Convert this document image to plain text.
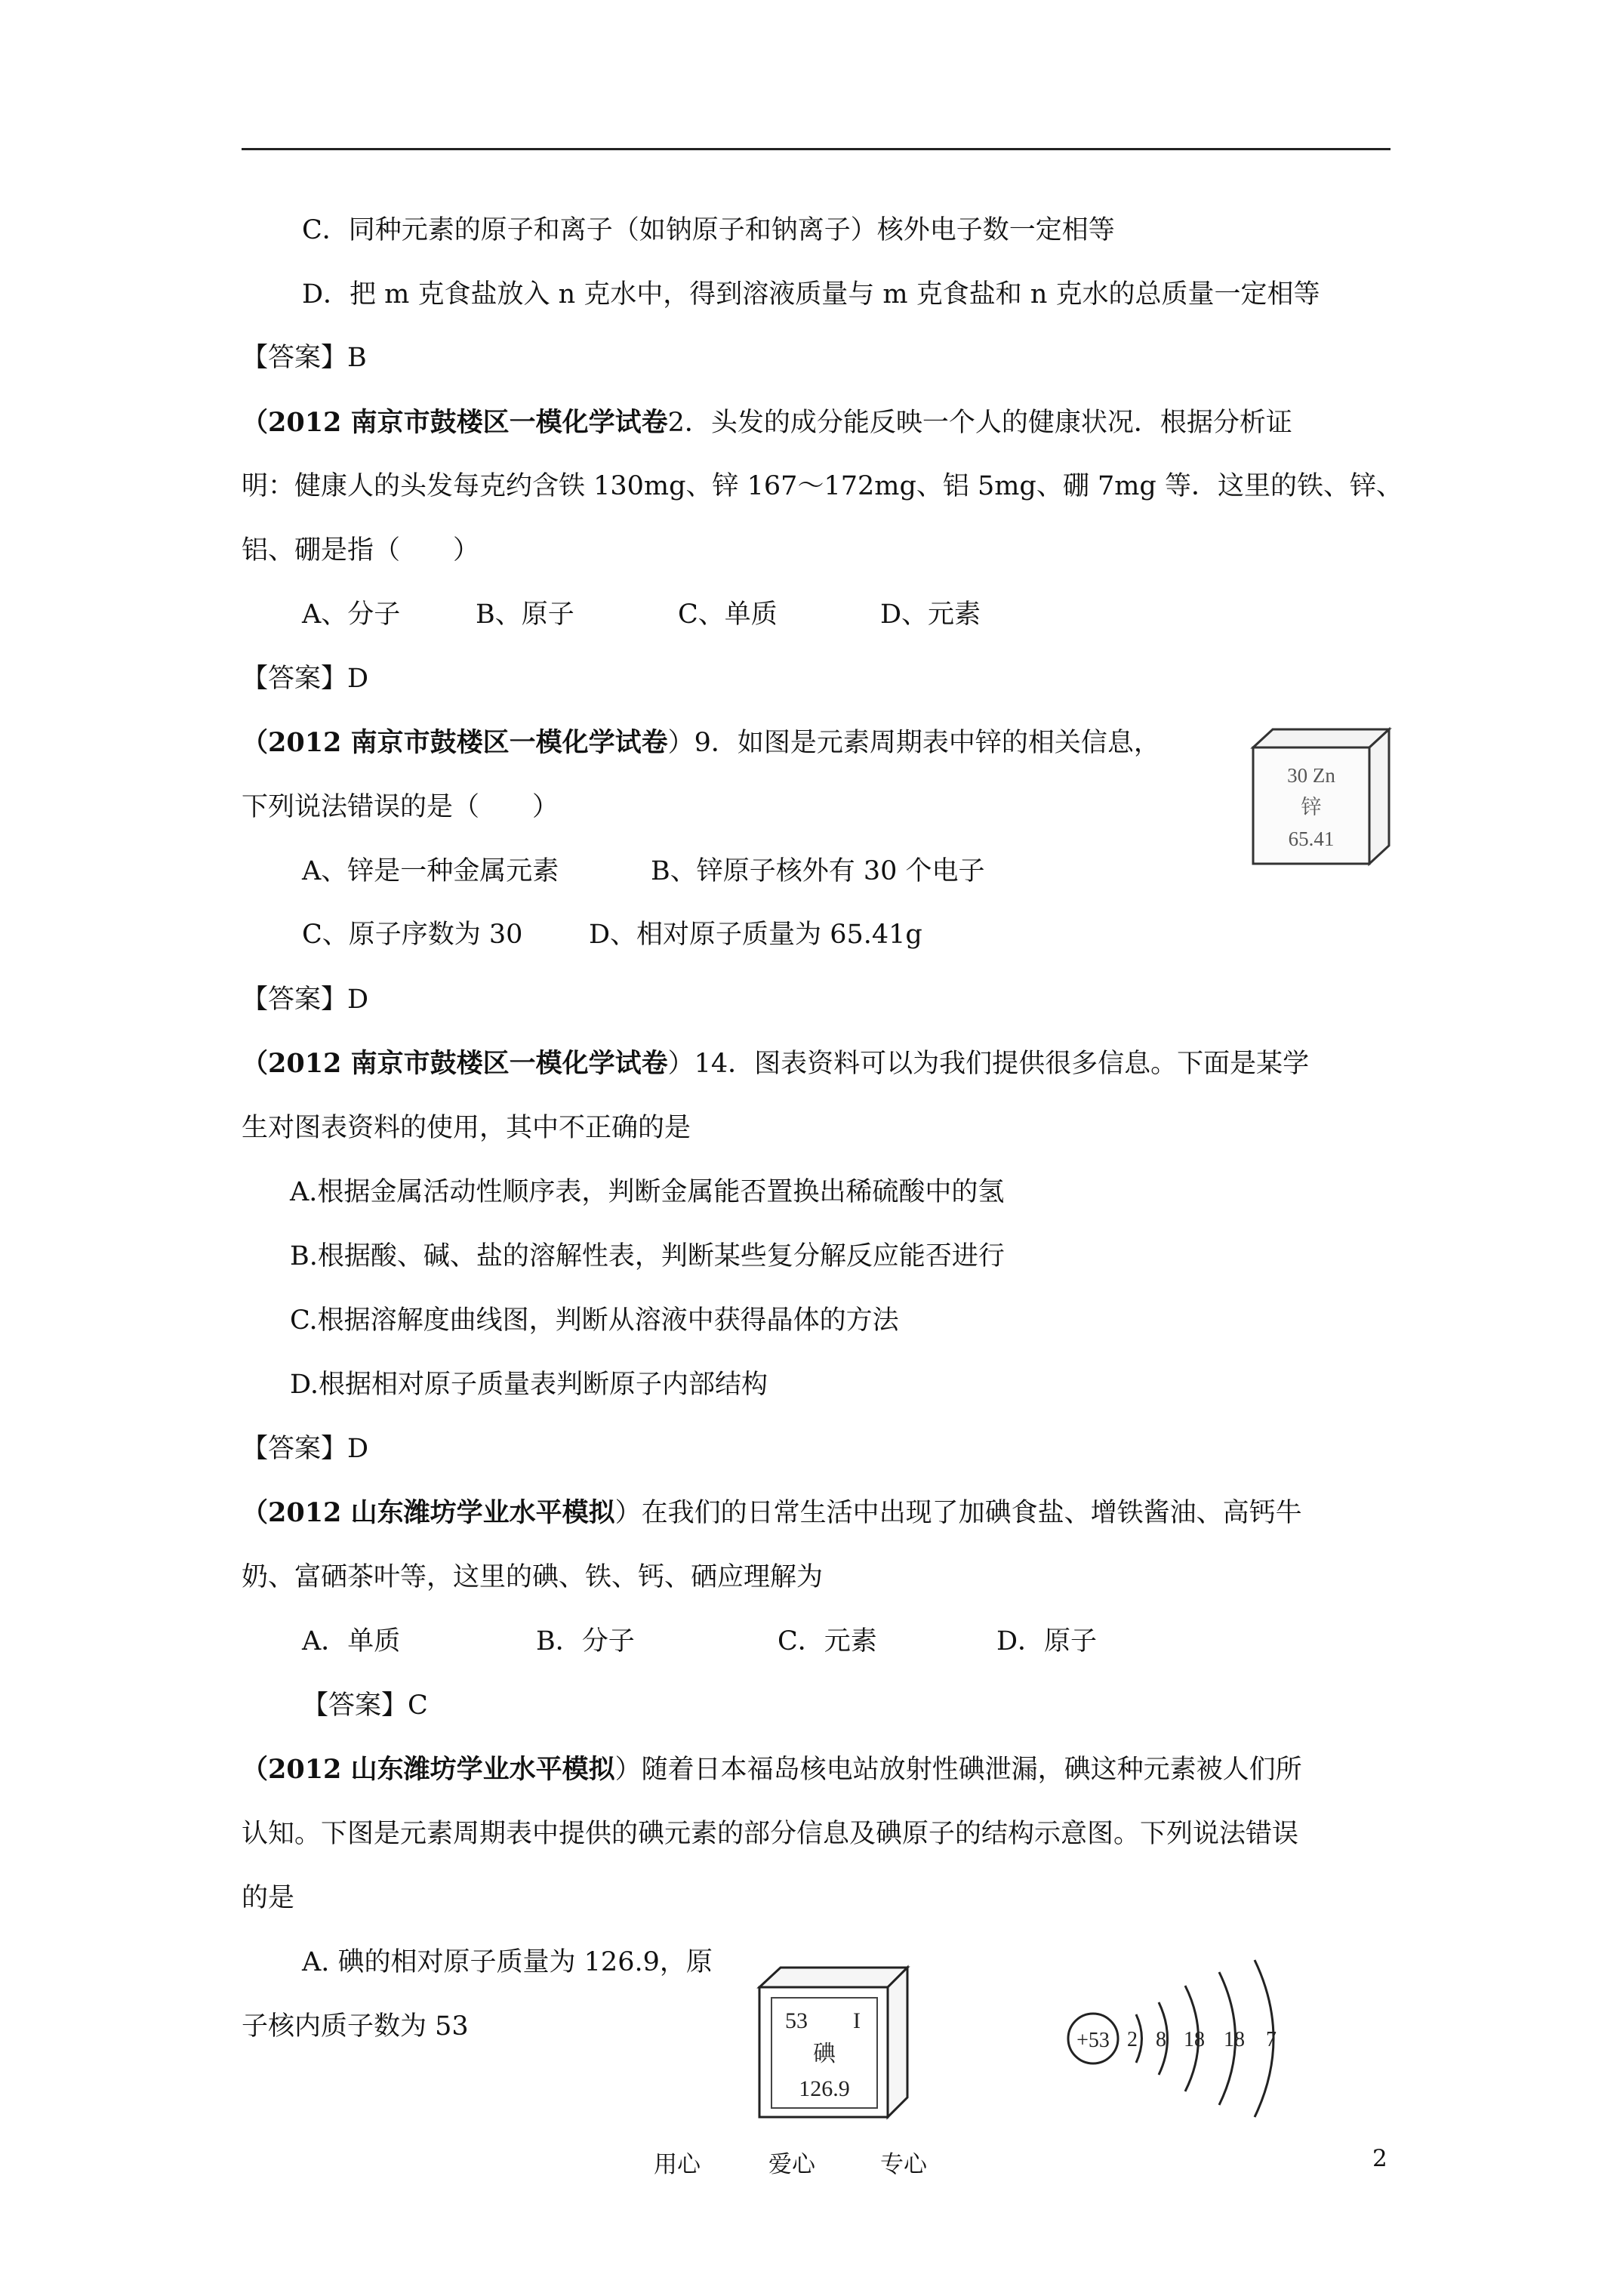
C．同种元素的原子和离子（如钠原子和钠离子）核外电子数一定相等
D．把 m 克食盐放入 n 克水中，得到溶液质量与 m 克食盐和 n 克水的总质量一定相等
【答案】B
（2012 南京市鼓楼区一模化学试卷2．头发的成分能反映一个人的健康状况．根据分析证
明：健康人的头发每克约含铁 130mg、锌 167～172mg、铝 5mg、硼 7mg 等．这里的铁、锌、
铝、硼是指（　　）
A、分子	B、原子	C、单质	D、元素
【答案】D
（2012 南京市鼓楼区一模化学试卷）9．如图是元素周期表中锌的相关信息，
下列说法错误的是（　　）
A、锌是一种金属元素	B、锌原子核外有 30 个电子
C、原子序数为 30	D、相对原子质量为 65.41g
【答案】D
30 Zn
锌
65.41
（2012 南京市鼓楼区一模化学试卷）14．图表资料可以为我们提供很多信息。下面是某学
生对图表资料的使用，其中不正确的是
A.根据金属活动性顺序表，判断金属能否置换出稀硫酸中的氢
B.根据酸、碱、盐的溶解性表，判断某些复分解反应能否进行
C.根据溶解度曲线图，判断从溶液中获得晶体的方法
D.根据相对原子质量表判断原子内部结构
【答案】D
（2012 山东潍坊学业水平模拟）在我们的日常生活中出现了加碘食盐、增铁酱油、高钙牛
奶、富硒茶叶等，这里的碘、铁、钙、硒应理解为
A．单质	B．分子	C．元素	D．原子
【答案】C
（2012 山东潍坊学业水平模拟）随着日本福岛核电站放射性碘泄漏，碘这种元素被人们所
认知。下图是元素周期表中提供的碘元素的部分信息及碘原子的结构示意图。下列说法错误
的是
A. 碘的相对原子质量为 126.9，原
子核内质子数为 53	53 I
碘
126.9
+53 2 8 18 18 7
用心	爱心	专心	2
